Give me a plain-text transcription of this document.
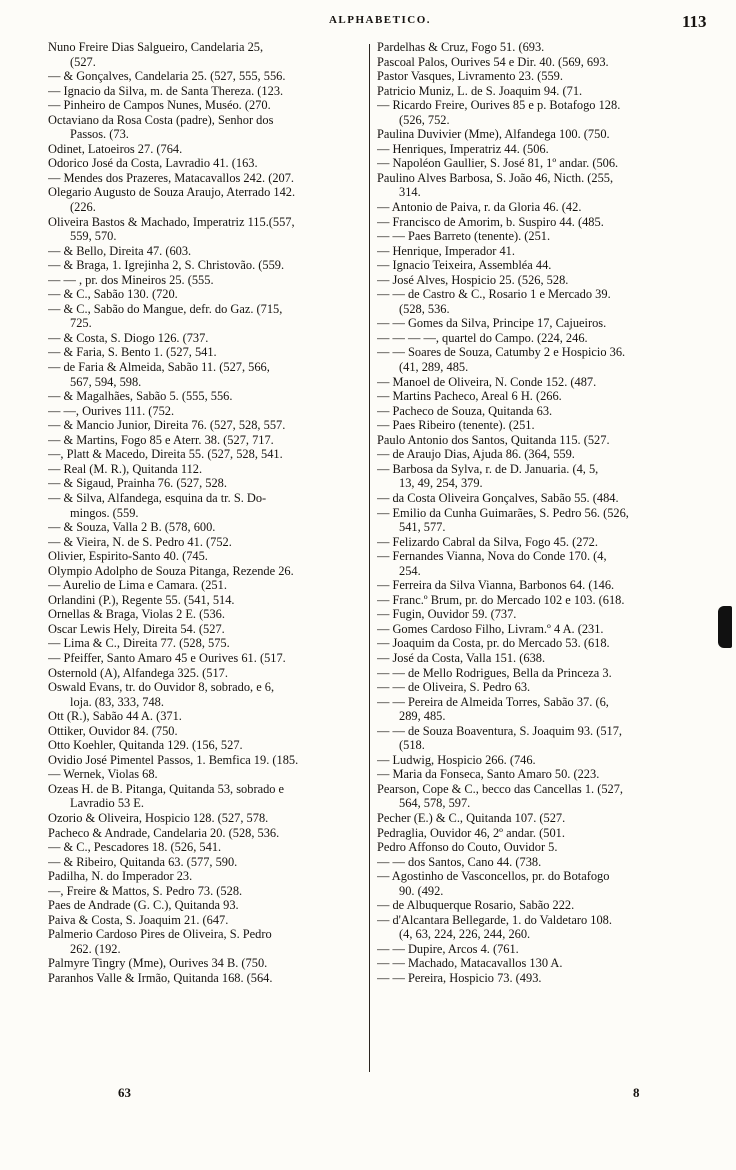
ALPHABETICO.	113
Nuno Freire Dias Salgueiro, Candelaria 25,
(527.
— & Gonçalves, Candelaria 25. (527, 555, 556.
— Ignacio da Silva, m. de Santa Thereza. (123.
— Pinheiro de Campos Nunes, Muséo. (270.
Octaviano da Rosa Costa (padre), Senhor dos
Passos. (73.
Odinet, Latoeiros 27. (764.
Odorico José da Costa, Lavradio 41. (163.
— Mendes dos Prazeres, Matacavallos 242. (207.
Olegario Augusto de Souza Araujo, Aterrado 142.
(226.
Oliveira Bastos & Machado, Imperatriz 115.(557,
559, 570.
— & Bello, Direita 47. (603.
— & Braga, 1. Igrejinha 2, S. Christovão. (559.
— — , pr. dos Mineiros 25. (555.
— & C., Sabão 130. (720.
— & C., Sabão do Mangue, defr. do Gaz. (715,
725.
— & Costa, S. Diogo 126. (737.
— & Faria, S. Bento 1. (527, 541.
— de Faria & Almeida, Sabão 11. (527, 566,
567, 594, 598.
— & Magalhães, Sabão 5. (555, 556.
— —, Ourives 111. (752.
— & Mancio Junior, Direita 76. (527, 528, 557.
— & Martins, Fogo 85 e Aterr. 38. (527, 717.
—, Platt & Macedo, Direita 55. (527, 528, 541.
— Real (M. R.), Quitanda 112.
— & Sigaud, Prainha 76. (527, 528.
— & Silva, Alfandega, esquina da tr. S. Do-
mingos. (559.
— & Souza, Valla 2 B. (578, 600.
— & Vieira, N. de S. Pedro 41. (752.
Olivier, Espirito-Santo 40. (745.
Olympio Adolpho de Souza Pitanga, Rezende 26.
— Aurelio de Lima e Camara. (251.
Orlandini (P.), Regente 55. (541, 514.
Ornellas & Braga, Violas 2 E. (536.
Oscar Lewis Hely, Direita 54. (527.
— Lima & C., Direita 77. (528, 575.
— Pfeiffer, Santo Amaro 45 e Ourives 61. (517.
Osternold (A), Alfandega 325. (517.
Oswald Evans, tr. do Ouvidor 8, sobrado, e 6,
loja. (83, 333, 748.
Ott (R.), Sabão 44 A. (371.
Ottiker, Ouvidor 84. (750.
Otto Koehler, Quitanda 129. (156, 527.
Ovidio José Pimentel Passos, 1. Bemfica 19. (185.
— Wernek, Violas 68.
Ozeas H. de B. Pitanga, Quitanda 53, sobrado e
Lavradio 53 E.
Ozorio & Oliveira, Hospicio 128. (527, 578.
Pacheco & Andrade, Candelaria 20. (528, 536.
— & C., Pescadores 18. (526, 541.
— & Ribeiro, Quitanda 63. (577, 590.
Padilha, N. do Imperador 23.
—, Freire & Mattos, S. Pedro 73. (528.
Paes de Andrade (G. C.), Quitanda 93.
Paiva & Costa, S. Joaquim 21. (647.
Palmerio Cardoso Pires de Oliveira, S. Pedro
262. (192.
Palmyre Tingry (Mme), Ourives 34 B. (750.
Paranhos Valle & Irmão, Quitanda 168. (564.
Pardelhas & Cruz, Fogo 51. (693.
Pascoal Palos, Ourives 54 e Dir. 40. (569, 693.
Pastor Vasques, Livramento 23. (559.
Patricio Muniz, L. de S. Joaquim 94. (71.
— Ricardo Freire, Ourives 85 e p. Botafogo 128.
(526, 752.
Paulina Duvivier (Mme), Alfandega 100. (750.
— Henriques, Imperatriz 44. (506.
— Napoléon Gaullier, S. José 81, 1º andar. (506.
Paulino Alves Barbosa, S. João 46, Nicth. (255,
314.
— Antonio de Paiva, r. da Gloria 46. (42.
— Francisco de Amorim, b. Suspiro 44. (485.
— — Paes Barreto (tenente). (251.
— Henrique, Imperador 41.
— Ignacio Teixeira, Assembléa 44.
— José Alves, Hospicio 25. (526, 528.
— — de Castro & C., Rosario 1 e Mercado 39.
(528, 536.
— — Gomes da Silva, Principe 17, Cajueiros.
— — — —, quartel do Campo. (224, 246.
— — Soares de Souza, Catumby 2 e Hospicio 36.
(41, 289, 485.
— Manoel de Oliveira, N. Conde 152. (487.
— Martins Pacheco, Areal 6 H. (266.
— Pacheco de Souza, Quitanda 63.
— Paes Ribeiro (tenente). (251.
Paulo Antonio dos Santos, Quitanda 115. (527.
— de Araujo Dias, Ajuda 86. (364, 559.
— Barbosa da Sylva, r. de D. Januaria. (4, 5,
13, 49, 254, 379.
— da Costa Oliveira Gonçalves, Sabão 55. (484.
— Emilio da Cunha Guimarães, S. Pedro 56. (526,
541, 577.
— Felizardo Cabral da Silva, Fogo 45. (272.
— Fernandes Vianna, Nova do Conde 170. (4,
254.
— Ferreira da Silva Vianna, Barbonos 64. (146.
— Franc.º Brum, pr. do Mercado 102 e 103. (618.
— Fugin, Ouvidor 59. (737.
— Gomes Cardoso Filho, Livram.º 4 A. (231.
— Joaquim da Costa, pr. do Mercado 53. (618.
— José da Costa, Valla 151. (638.
— — de Mello Rodrigues, Bella da Princeza 3.
— — de Oliveira, S. Pedro 63.
— — Pereira de Almeida Torres, Sabão 37. (6,
289, 485.
— — de Souza Boaventura, S. Joaquim 93. (517,
(518.
— Ludwig, Hospicio 266. (746.
— Maria da Fonseca, Santo Amaro 50. (223.
Pearson, Cope & C., becco das Cancellas 1. (527,
564, 578, 597.
Pecher (E.) & C., Quitanda 107. (527.
Pedraglia, Ouvidor 46, 2º andar. (501.
Pedro Affonso do Couto, Ouvidor 5.
— — dos Santos, Cano 44. (738.
— Agostinho de Vasconcellos, pr. do Botafogo
90. (492.
— de Albuquerque Rosario, Sabão 222.
— d'Alcantara Bellegarde, 1. do Valdetaro 108.
(4, 63, 224, 226, 244, 260.
— — Dupire, Arcos 4. (761.
— — Machado, Matacavallos 130 A.
— — Pereira, Hospicio 73. (493.
63	8
